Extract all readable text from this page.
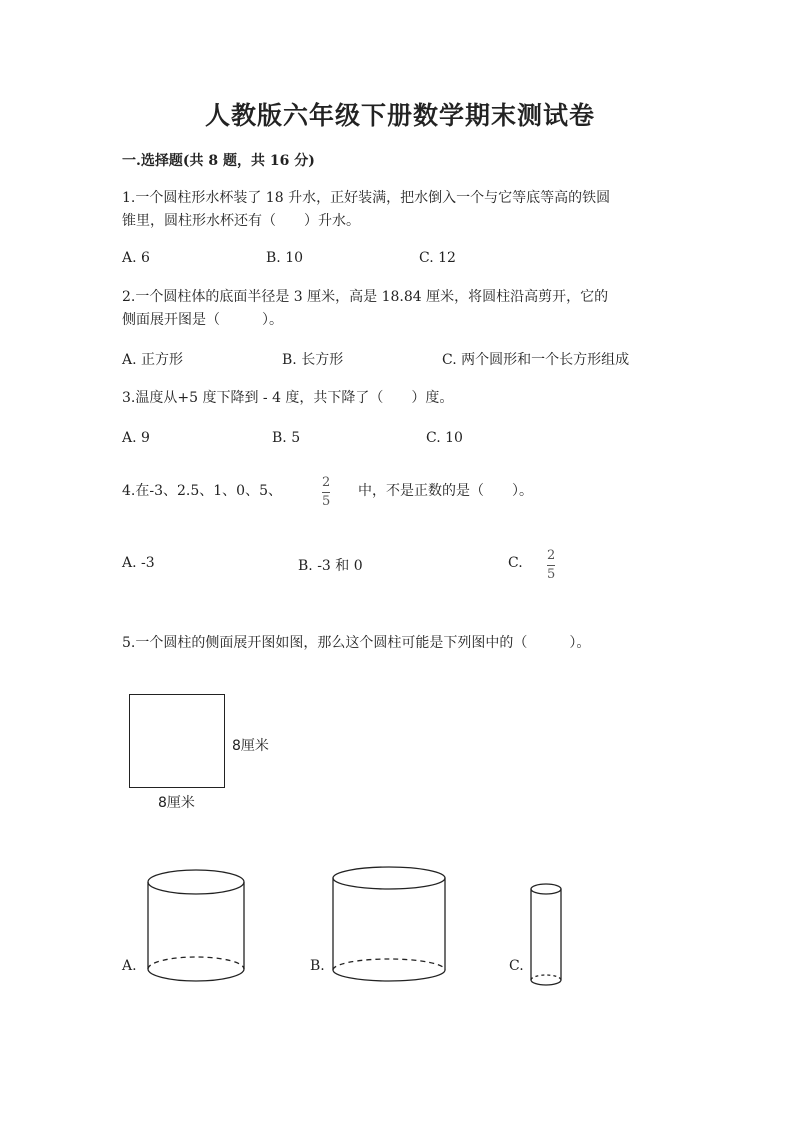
人教版六年级下册数学期末测试卷
一.选择题(共 8 题，共 16 分)
1.一个圆柱形水杯装了 18 升水，正好装满，把水倒入一个与它等底等高的铁圆
锥里，圆柱形水杯还有（　　）升水。
A. 6	B. 10	C. 12
2.一个圆柱体的底面半径是 3 厘米，高是 18.84 厘米，将圆柱沿高剪开，它的
侧面展开图是（　　　）。
A. 正方形	B. 长方形	C. 两个圆形和一个长方形组成
3.温度从+5 度下降到 - 4 度，共下降了（　　）度。
A. 9	B. 5	C. 10
4.在-3、2.5、1、0、5、	$\frac{2}{5}$ 中，不是正数的是（　　）。
A. -3	B. -3 和 0	C. $\frac{2}{5}$
5.一个圆柱的侧面展开图如图，那么这个圆柱可能是下列图中的（　　　）。
8厘米
8厘米
A.	B.	C.
